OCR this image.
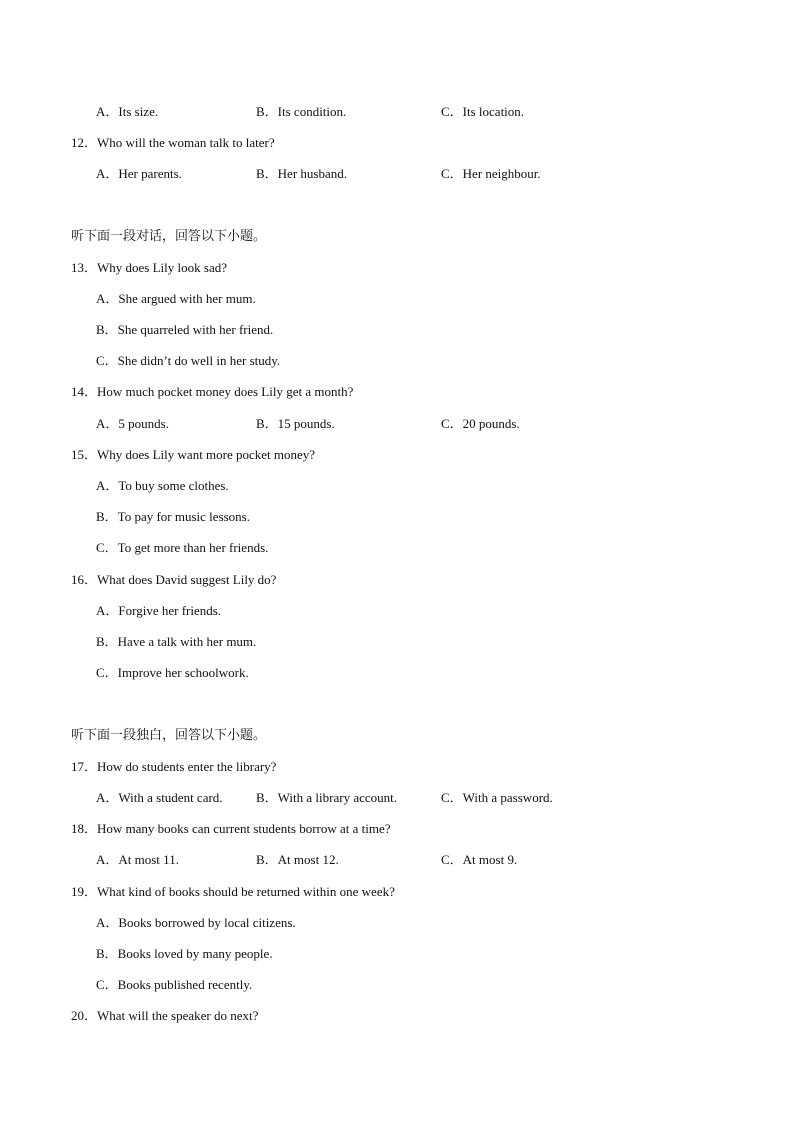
A．Its size.	B．Its condition.	C．Its location.
12．Who will the woman talk to later?
A．Her parents.	B．Her husband.	C．Her neighbour.
听下面一段对话，回答以下小题。
13．Why does Lily look sad?
A．She argued with her mum.
B．She quarreled with her friend.
C．She didn’t do well in her study.
14．How much pocket money does Lily get a month?
A．5 pounds.	B．15 pounds.	C．20 pounds.
15．Why does Lily want more pocket money?
A．To buy some clothes.
B．To pay for music lessons.
C．To get more than her friends.
16．What does David suggest Lily do?
A．Forgive her friends.
B．Have a talk with her mum.
C．Improve her schoolwork.
听下面一段独白，回答以下小题。
17．How do students enter the library?
A．With a student card.	B．With a library account.	C．With a password.
18．How many books can current students borrow at a time?
A．At most 11.	B．At most 12.	C．At most 9.
19．What kind of books should be returned within one week?
A．Books borrowed by local citizens.
B．Books loved by many people.
C．Books published recently.
20．What will the speaker do next?
